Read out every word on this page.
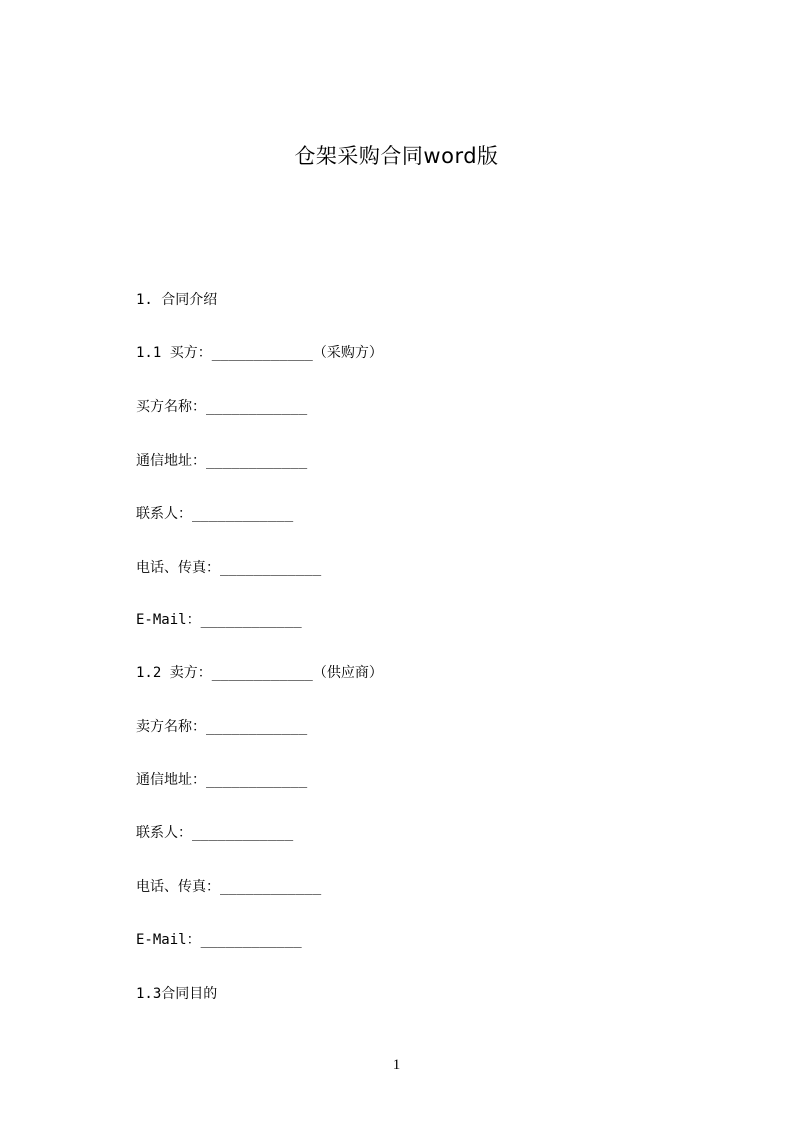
仓架采购合同word版
1. 合同介绍
1.1 买方：____________（采购方）
买方名称：____________
通信地址：____________
联系人：____________
电话、传真：____________
E-Mail：____________
1.2 卖方：____________（供应商）
卖方名称：____________
通信地址：____________
联系人：____________
电话、传真：____________
E-Mail：____________
1.3合同目的
1
